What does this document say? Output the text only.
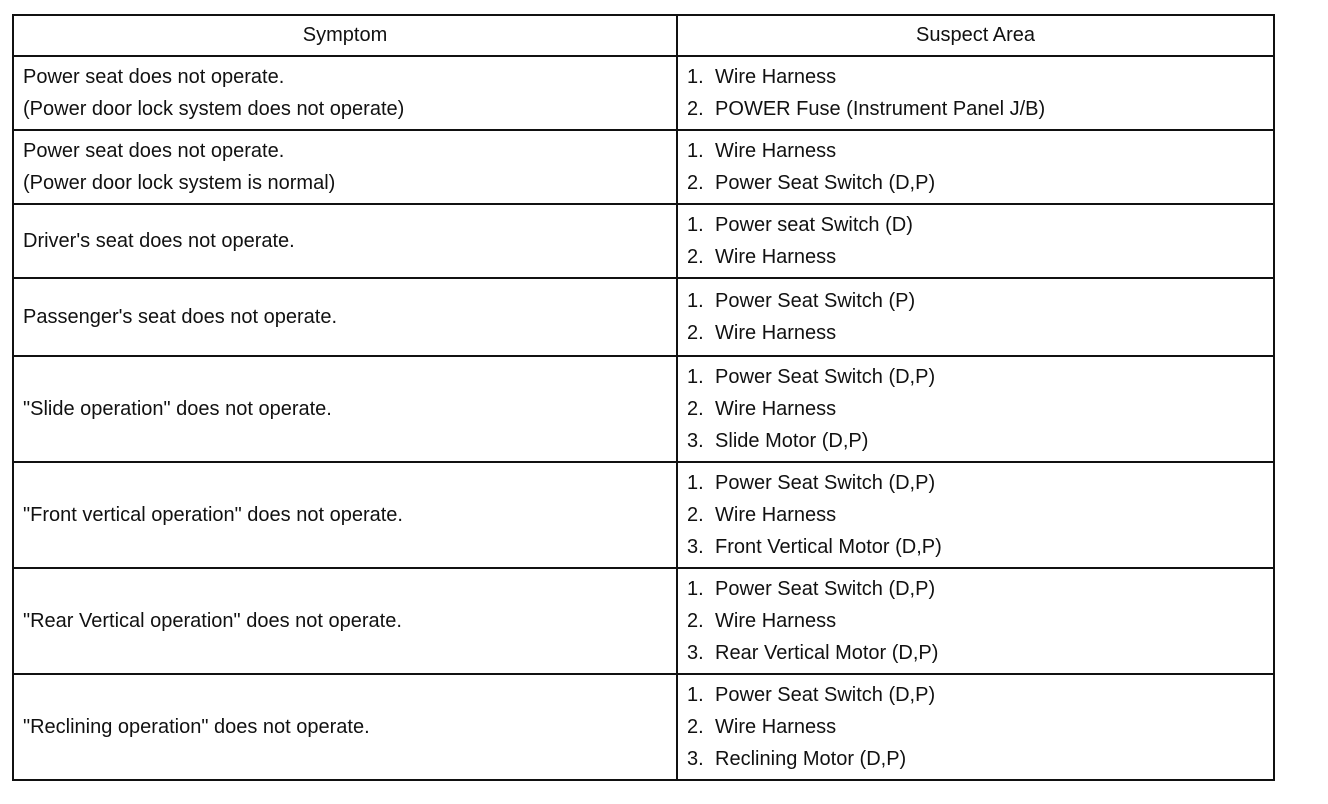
Symptom	Suspect Area

Power seat does not operate.
(Power door lock system does not operate)	1. Wire Harness
2. POWER Fuse (Instrument Panel J/B)

Power seat does not operate.
(Power door lock system is normal)	1. Wire Harness
2. Power Seat Switch (D,P)

Driver's seat does not operate.	1. Power seat Switch (D)
2. Wire Harness

Passenger's seat does not operate.	1. Power Seat Switch (P)
2. Wire Harness

"Slide operation" does not operate.	1. Power Seat Switch (D,P)
2. Wire Harness
3. Slide Motor (D,P)

"Front vertical operation" does not operate.	1. Power Seat Switch (D,P)
2. Wire Harness
3. Front Vertical Motor (D,P)

"Rear Vertical operation" does not operate.	1. Power Seat Switch (D,P)
2. Wire Harness
3. Rear Vertical Motor (D,P)

"Reclining operation" does not operate.	1. Power Seat Switch (D,P)
2. Wire Harness
3. Reclining Motor (D,P)
